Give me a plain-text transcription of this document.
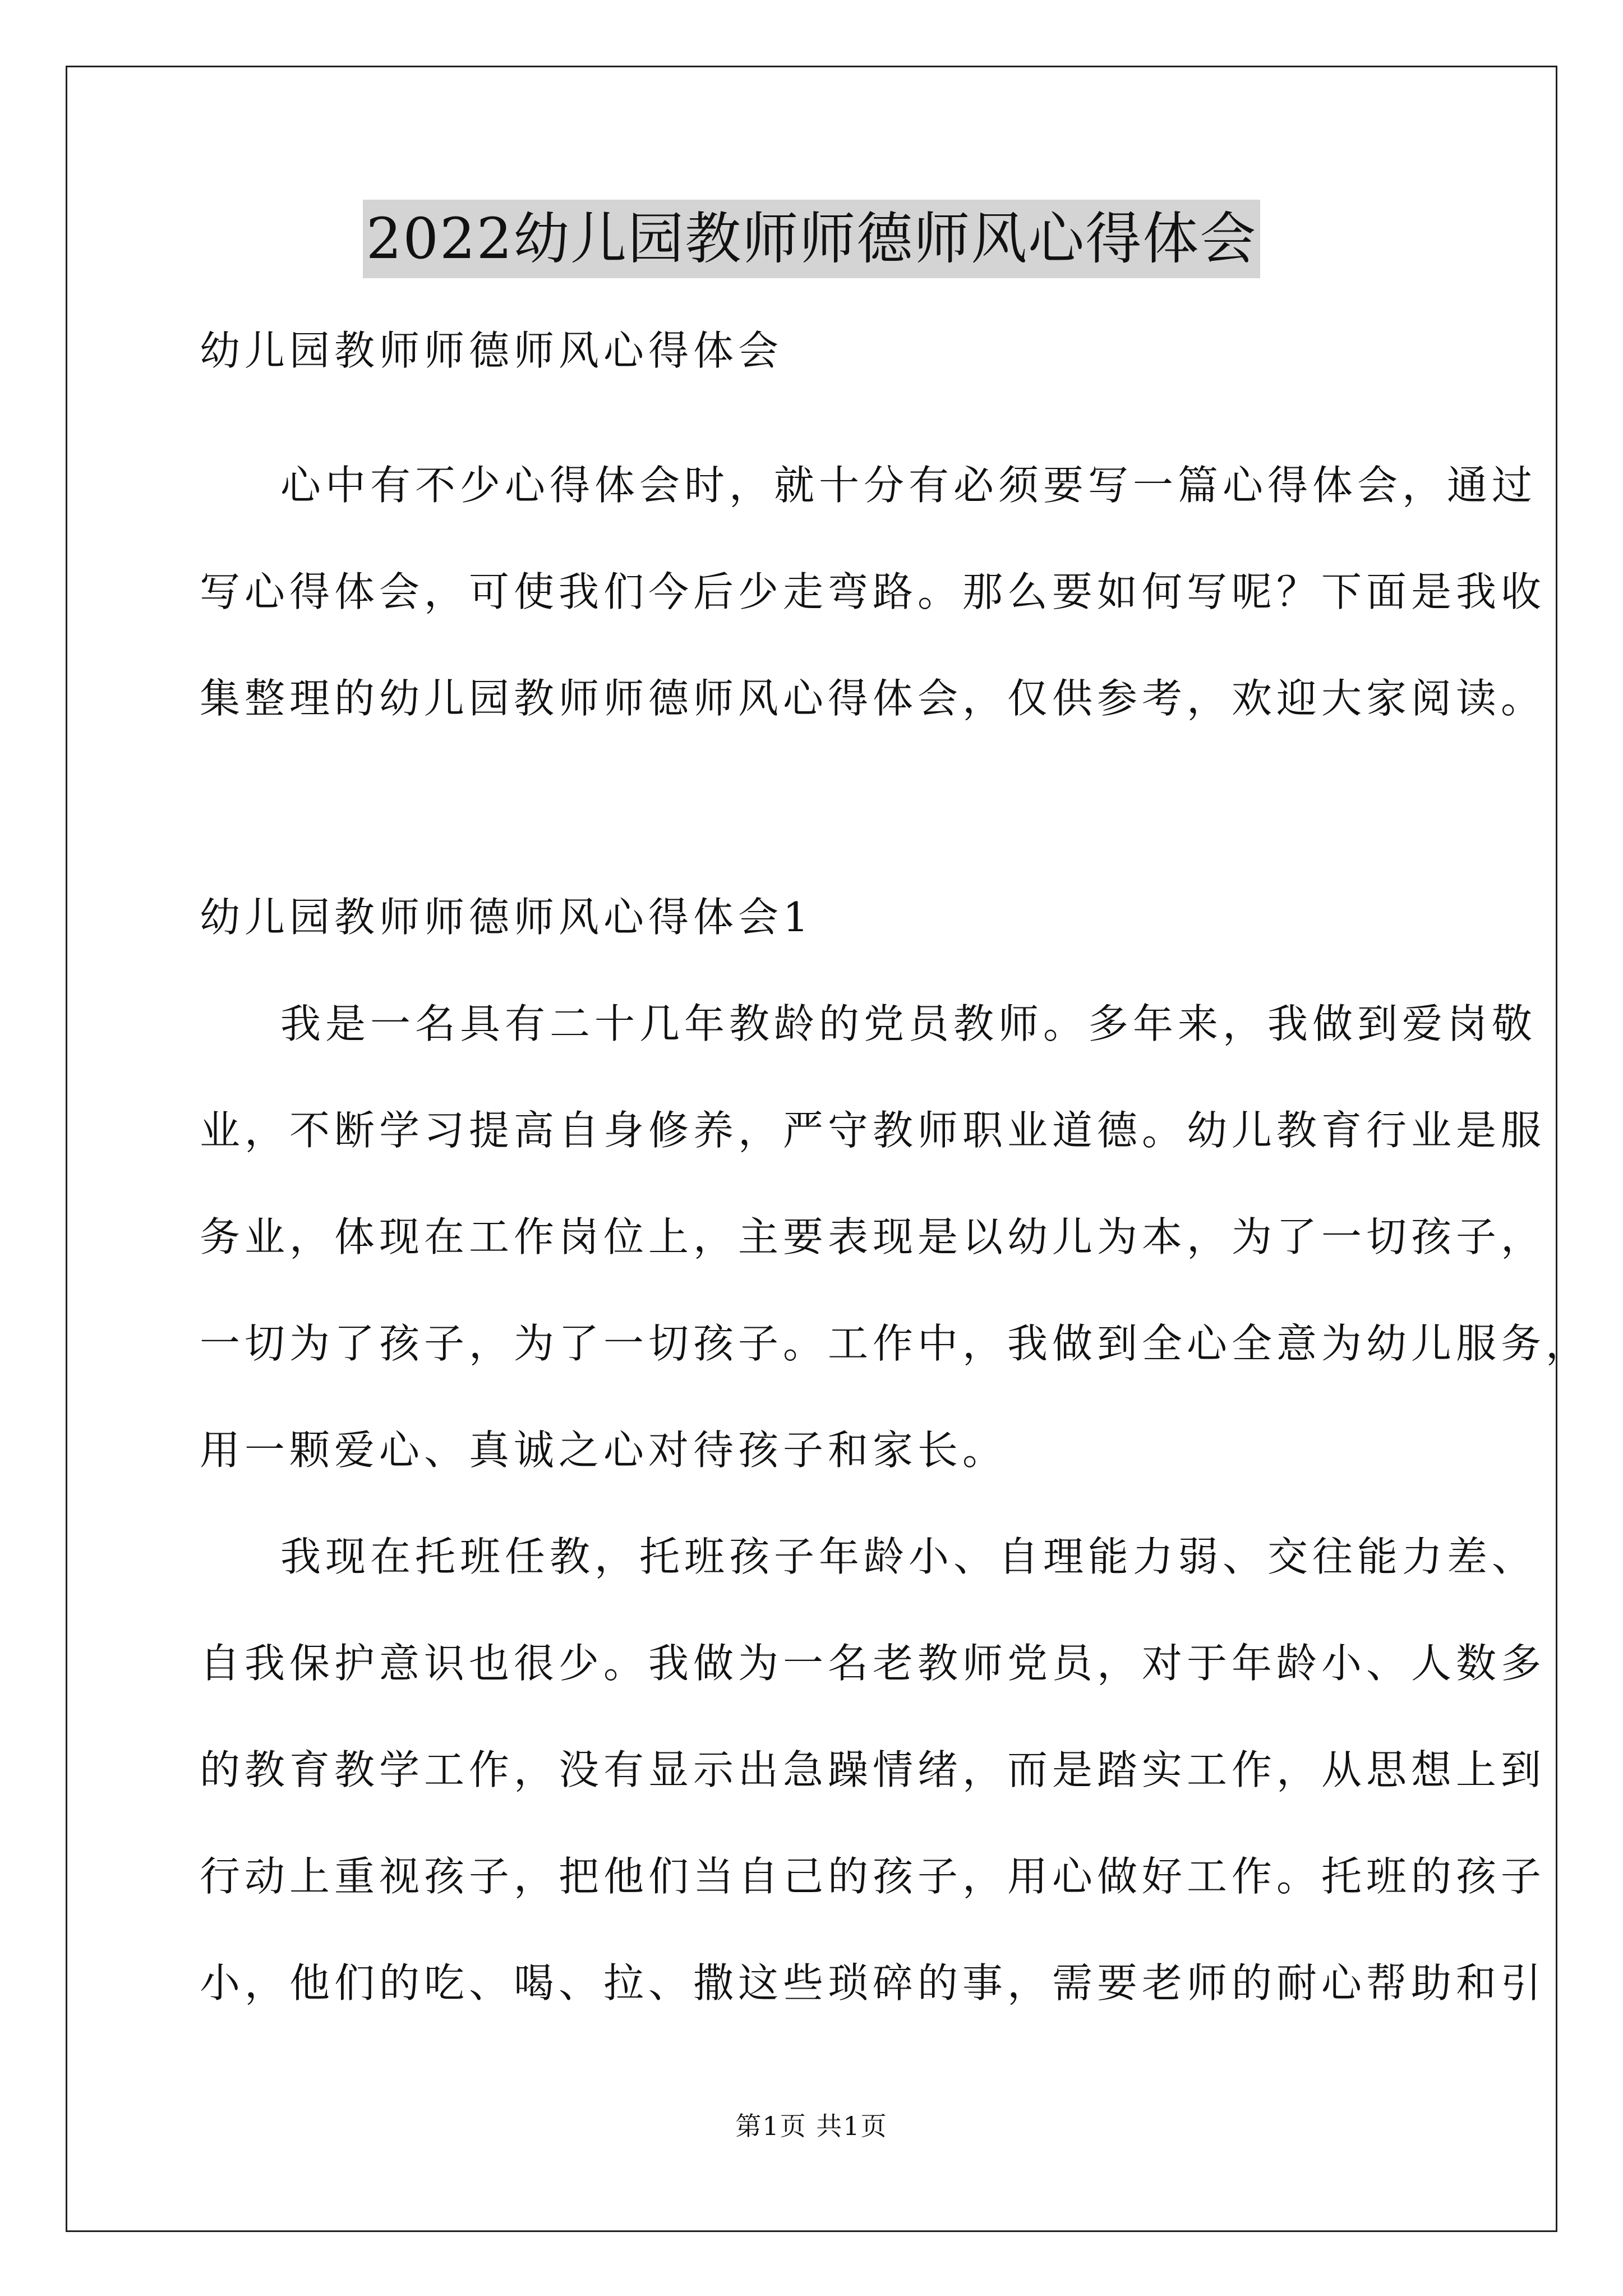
2022幼儿园教师师德师风心得体会
幼儿园教师师德师风心得体会
心中有不少心得体会时，就十分有必须要写一篇心得体会，通过
写心得体会，可使我们今后少走弯路。那么要如何写呢？下面是我收
集整理的幼儿园教师师德师风心得体会，仅供参考，欢迎大家阅读。
幼儿园教师师德师风心得体会1
我是一名具有二十几年教龄的党员教师。多年来，我做到爱岗敬
业，不断学习提高自身修养，严守教师职业道德。幼儿教育行业是服
务业，体现在工作岗位上，主要表现是以幼儿为本，为了一切孩子，
一切为了孩子，为了一切孩子。工作中，我做到全心全意为幼儿服务，
用一颗爱心、真诚之心对待孩子和家长。
我现在托班任教，托班孩子年龄小、自理能力弱、交往能力差、
自我保护意识也很少。我做为一名老教师党员，对于年龄小、人数多
的教育教学工作，没有显示出急躁情绪，而是踏实工作，从思想上到
行动上重视孩子，把他们当自己的孩子，用心做好工作。托班的孩子
小，他们的吃、喝、拉、撒这些琐碎的事，需要老师的耐心帮助和引
第1页 共1页
